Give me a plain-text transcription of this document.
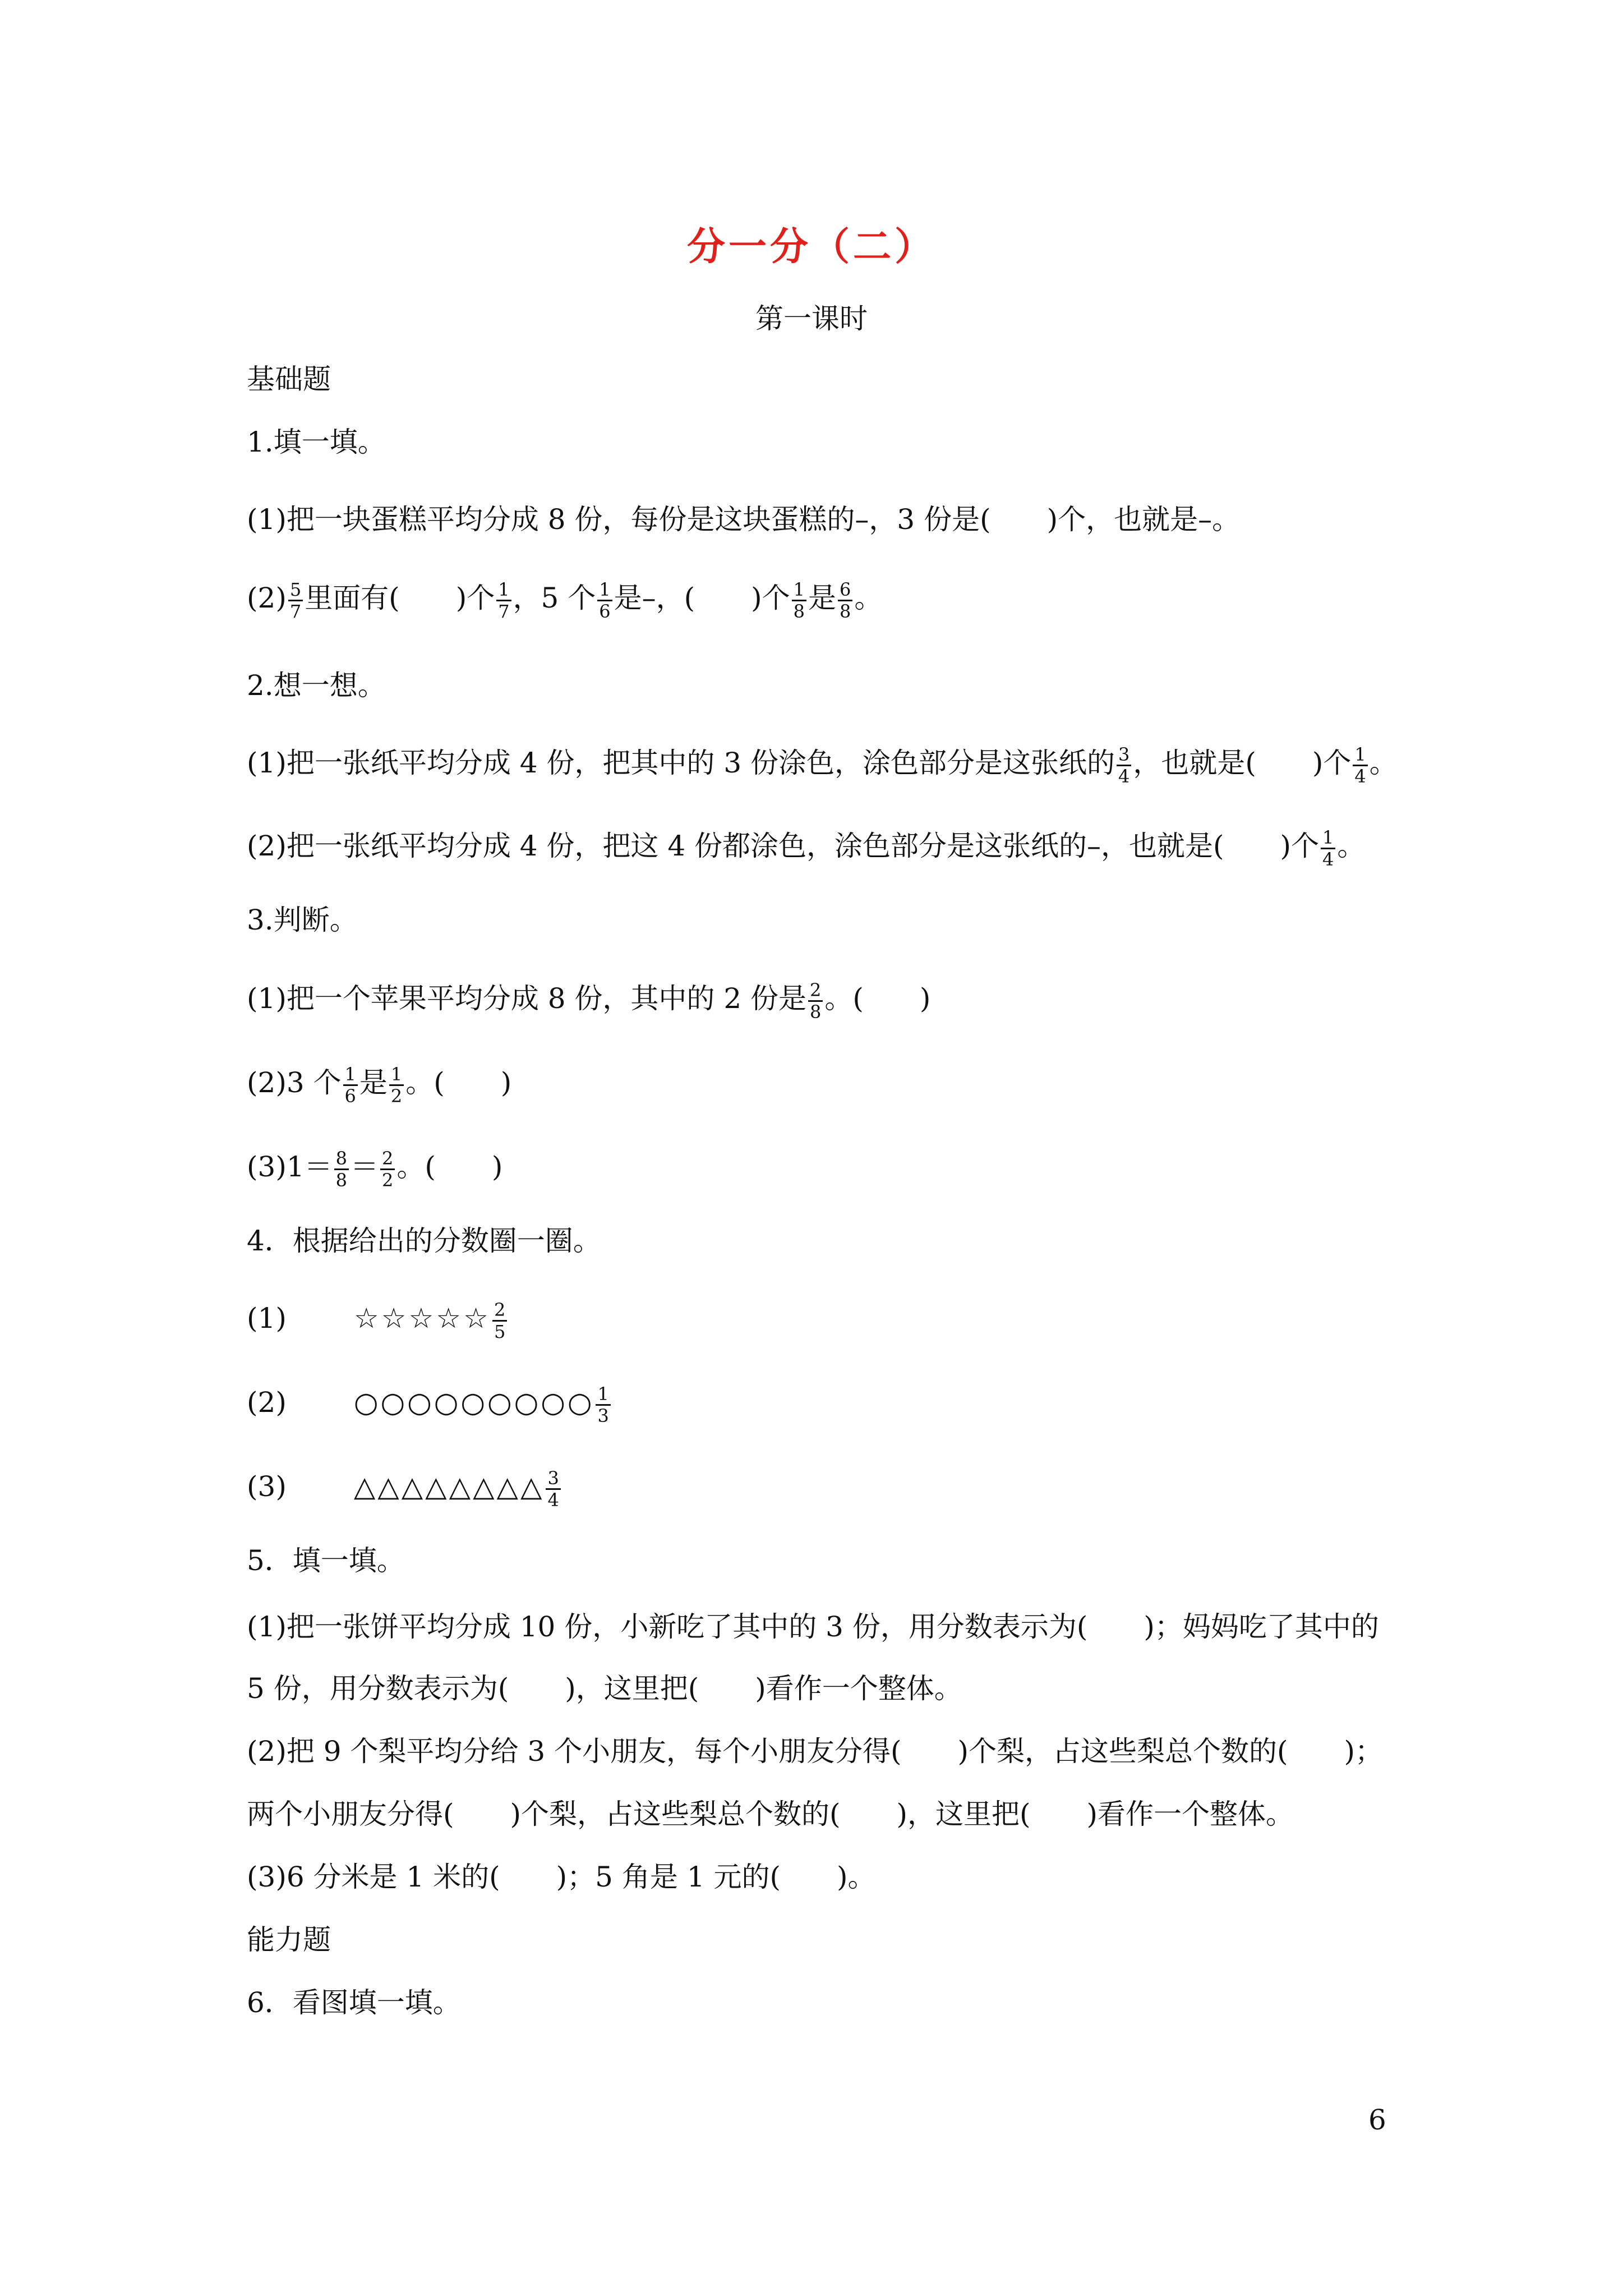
分一分（二）
第一课时
基础题
1.填一填。
(1)把一块蛋糕平均分成 8 份，每份是这块蛋糕的–，3 份是(　　)个，也就是–。
$(2) \frac{5}{7}$ 里面有(　　)个 $\frac{1}{7}$ ，5 个 $\frac{1}{6}$ 是–，(　　)个 $\frac{1}{8}$ 是 $\frac{6}{8}$ 。
2.想一想。
(1)把一张纸平均分成 4 份，把其中的 3 份涂色，涂色部分是这张纸的 $\frac{3}{4}$ ，也就是(　　)个 $\frac{1}{4}$ 。
(2)把一张纸平均分成 4 份，把这 4 份都涂色，涂色部分是这张纸的–，也就是(　　)个 $\frac{1}{4}$ 。
3.判断。
(1)把一个苹果平均分成 8 份，其中的 2 份是 $\frac{2}{8}$ 。(　　)
(2)3 个 $\frac{1}{6}$ 是 $\frac{1}{2}$ 。(　　)
$(3)1= \frac{8}{8} = \frac{2}{2}$ 。(　　)
4．根据给出的分数圈一圈。
(1) ☆☆☆☆☆ $\frac{2}{5}$
(2) ○○○○○○○○○ $\frac{1}{3}$
(3) △△△△△△△△ $\frac{3}{4}$
5．填一填。
(1)把一张饼平均分成 10 份，小新吃了其中的 3 份，用分数表示为(　　)；妈妈吃了其中的
5 份，用分数表示为(　　)，这里把(　　)看作一个整体。
(2)把 9 个梨平均分给 3 个小朋友，每个小朋友分得(　　)个梨，占这些梨总个数的(　　)；
两个小朋友分得(　　)个梨，占这些梨总个数的(　　)，这里把(　　)看作一个整体。
(3)6 分米是 1 米的(　　)；5 角是 1 元的(　　)。
能力题
6．看图填一填。
6
